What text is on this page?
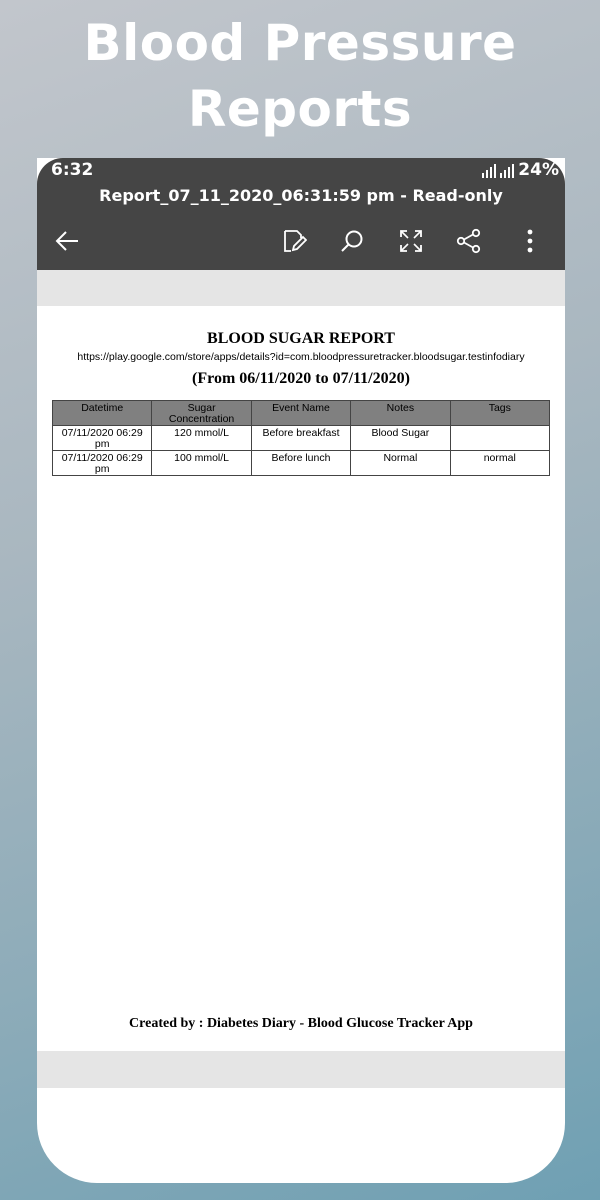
Blood Pressure
Reports
6:32	24%
Report_07_11_2020_06:31:59 pm - Read-only
BLOOD SUGAR REPORT
https://play.google.com/store/apps/details?id=com.bloodpressuretracker.bloodsugar.testinfodiary
(From 06/11/2020 to 07/11/2020)
Datetime	Sugar Concentration	Event Name	Notes	Tags
07/11/2020 06:29 pm	120 mmol/L	Before breakfast	Blood Sugar	
07/11/2020 06:29 pm	100 mmol/L	Before lunch	Normal	normal
Created by : Diabetes Diary - Blood Glucose Tracker App
